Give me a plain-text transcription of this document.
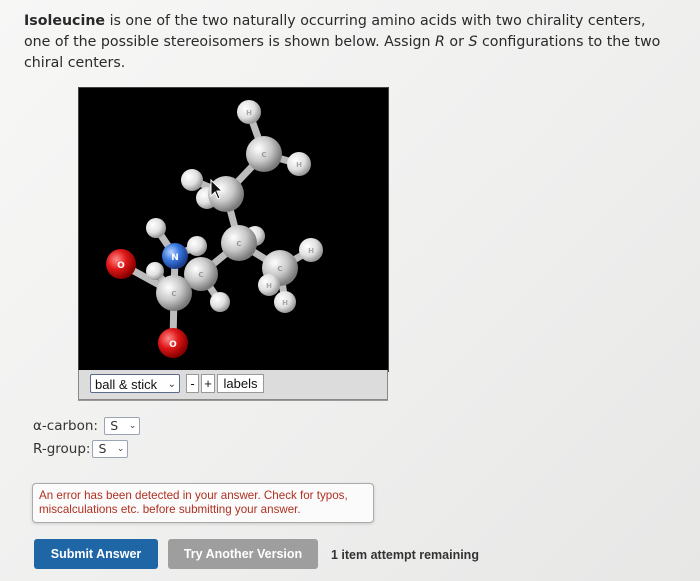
Isoleucine is one of the two naturally occurring amino acids with two chirality centers, one of the possible stereoisomers is shown below. Assign R or S configurations to the two chiral centers.
N
O
O
C
C
C
C
C
H
H
H
H
H
ball & stick ⌄	- + labels
α-carbon: S ⌄
R-group: S ⌄
An error has been detected in your answer. Check for typos, miscalculations etc. before submitting your answer.
Submit Answer	Try Another Version	1 item attempt remaining
